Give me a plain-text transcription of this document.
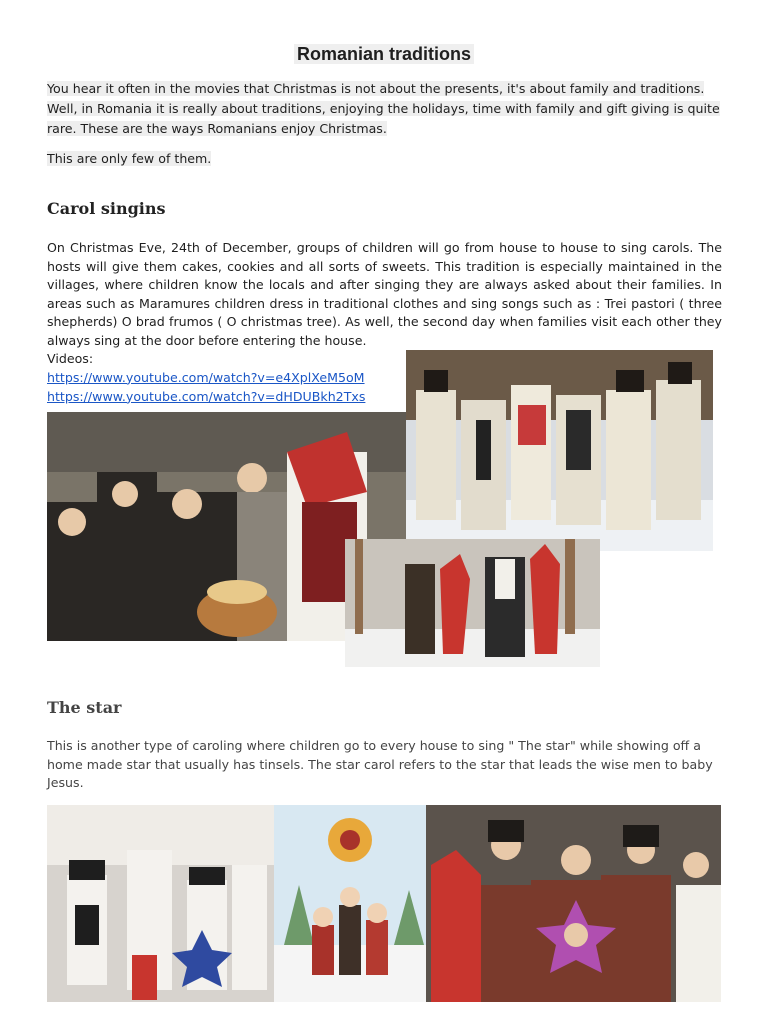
Romanian traditions

You hear it often in the movies that Christmas is not about the presents, it's about family and traditions. Well, in Romania it is really about traditions, enjoying the holidays, time with family and gift giving is quite rare. These are the ways Romanians enjoy Christmas.

This are only few of them.

Carol singins

On Christmas Eve, 24th of December, groups of children will go from house to house to sing carols. The hosts will give them cakes, cookies and all sorts of sweets. This tradition is especially maintained in the villages, where children know the locals and after singing they are always asked about their families. In areas such as Maramures children dress in traditional clothes and sing songs such as : Trei pastori ( three shepherds) O brad frumos ( O christmas tree). As well, the second day when families visit each other they always sing at the door before entering the house.

Videos:
https://www.youtube.com/watch?v=e4XplXeM5oM
https://www.youtube.com/watch?v=dHDUBkh2Txs
The star

This is another type of caroling where children go to every house to sing " The star" while showing off a home made star that usually has tinsels. The star carol refers to the star that leads the wise men to baby Jesus.
